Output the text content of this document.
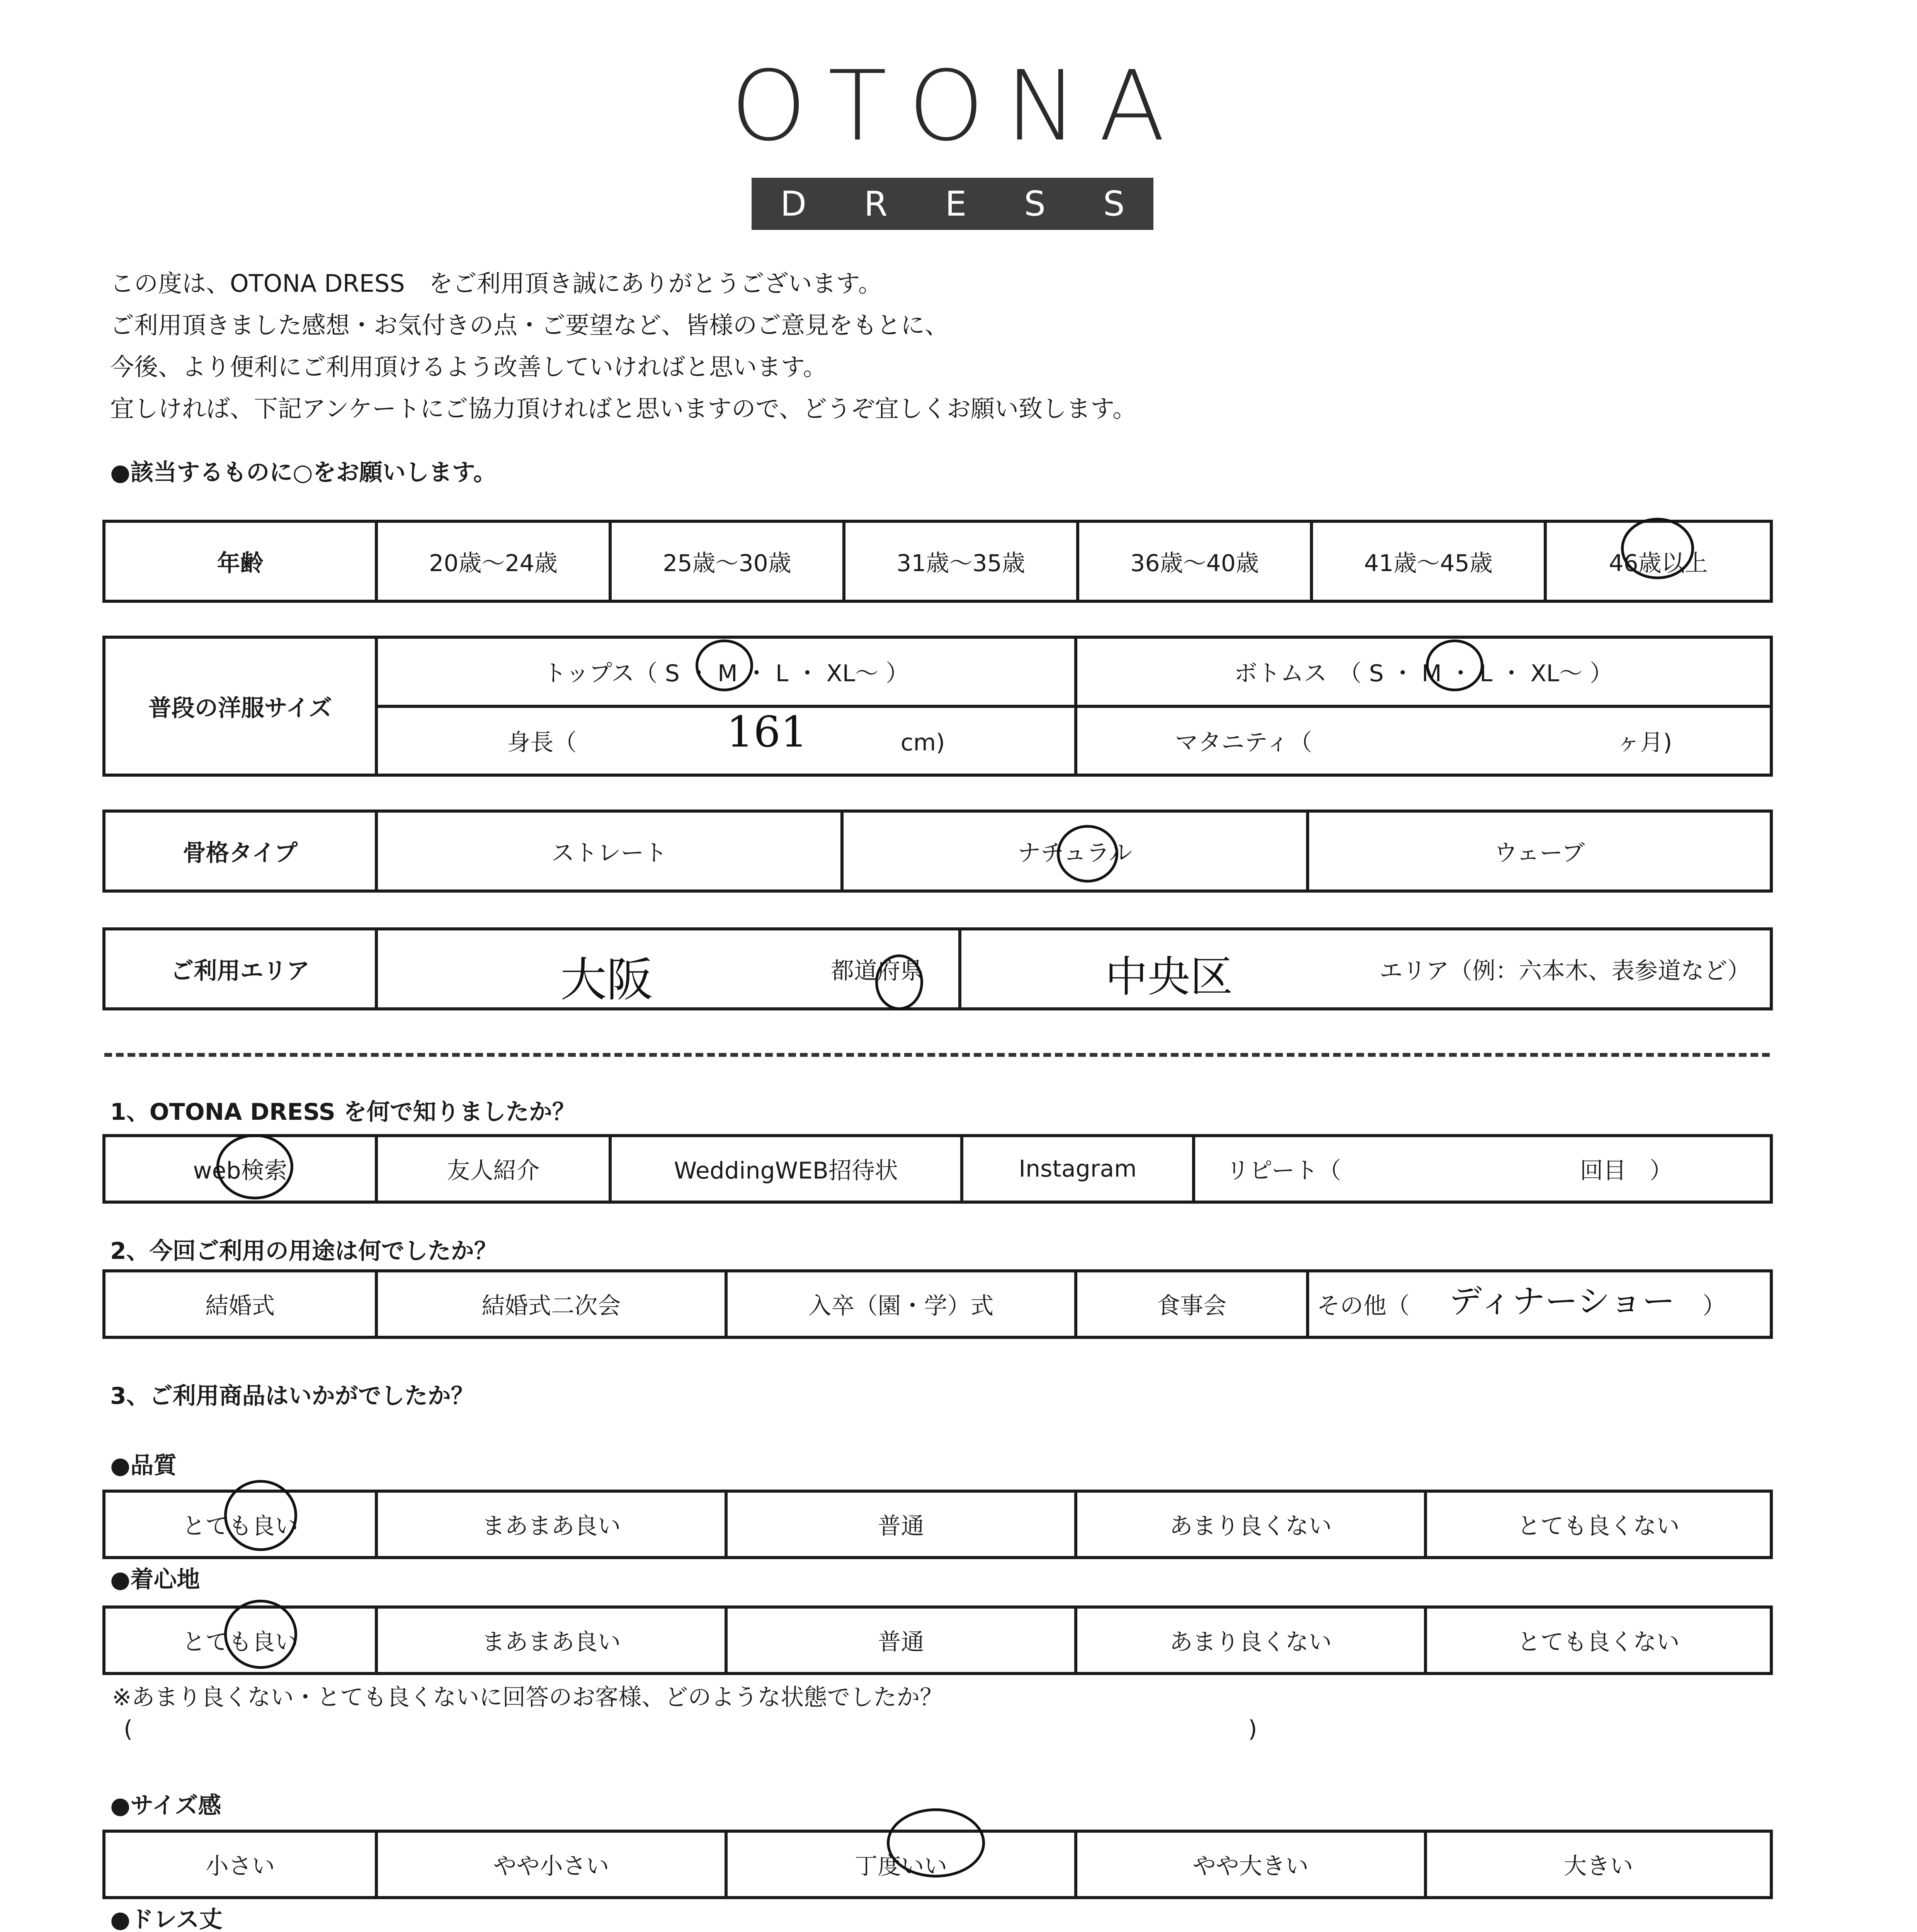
OTONA
D R E S S
この度は、OTONA DRESS　をご利用頂き誠にありがとうございます。
ご利用頂きました感想・お気付きの点・ご要望など、皆様のご意見をもとに、
今後、より便利にご利用頂けるよう改善していければと思います。
宜しければ、下記アンケートにご協力頂ければと思いますので、どうぞ宜しくお願い致します。
●該当するものに○をお願いします。
年齢	20歳～24歳	25歳～30歳	31歳～35歳	36歳～40歳	41歳～45歳	46歳以上
普段の洋服サイズ	トップス（ S ・ M ・ L ・ XL～ ）	ボトムス　（ S ・ M ・ L ・ XL～ ）
	身長（ cm)	マタニティ（ ヶ月)
161
骨格タイプ	ストレート	ナチュラル	ウェーブ
ご利用エリア	都道府県	エリア（例：六本木、表参道など）
大阪	中央区
1、OTONA DRESS を何で知りましたか？
web検索	友人紹介	WeddingWEB招待状	Instagram	リピート（	回目　）
2、今回ご利用の用途は何でしたか？
結婚式	結婚式二次会	入卒（園・学）式	食事会	その他（	）
ディナーショー
3、ご利用商品はいかがでしたか？
●品質
とても良い	まあまあ良い	普通	あまり良くない	とても良くない
●着心地
とても良い	まあまあ良い	普通	あまり良くない	とても良くない
※あまり良くない・とても良くないに回答のお客様、どのような状態でしたか？
(	)
●サイズ感
小さい	やや小さい	丁度いい	やや大きい	大きい
●ドレス丈
